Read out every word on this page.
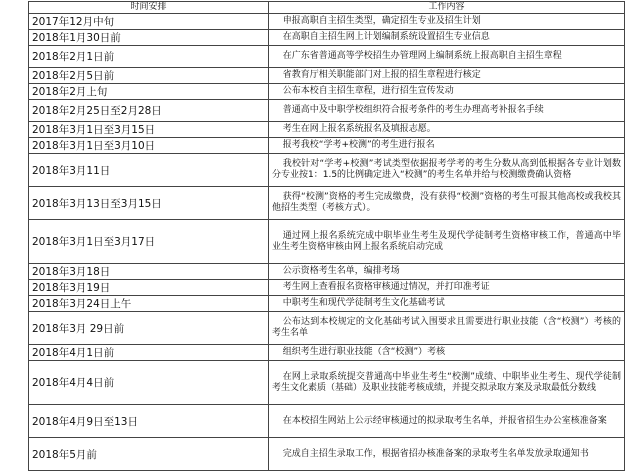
时间安排	工作内容
2017年12月中旬	申报高职自主招生类型，确定招生专业及招生计划
2018年1月30日前	在高职自主招生网上计划编制系统设置招生专业信息
2018年2月1日前	在广东省普通高等学校招生办管理网上编制系统上报高职自主招生章程
2018年2月5日前	省教育厅相关职能部门对上报的招生章程进行核定
2018年2月上旬	公布本校自主招生章程，进行招生宣传发动
2018年2月25日至2月28日	普通高中及中职学校组织符合报考条件的考生办理高考补报名手续
2018年3月1日至3月15日	考生在网上报名系统报名及填报志愿。
2018年3月1日至3月10日	报考我校“学考+校测”的考生进行报名
2018年3月11日	我校针对“学考+校测”考试类型依据报考学考的考生分数从高到低根据各专业计划数分专业按1：1.5的比例确定进入“校测”的考生名单并给与校测缴费确认资格
2018年3月13日至3月15日	获得“校测”资格的考生完成缴费，没有获得“校测”资格的考生可报其他高校或我校其他招生类型（考核方式）。
2018年3月1日至3月17日	通过网上报名系统完成中职毕业生考生及现代学徒制考生资格审核工作，普通高中毕业生考生资格审核由网上报名系统启动完成
2018年3月18日	公示资格考生名单，编排考场
2018年3月19日	考生网上查看报名资格审核通过情况，并打印准考证
2018年3月24日上午	中职考生和现代学徒制考生文化基础考试
2018年3月 29日前	公布达到本校规定的文化基础考试入围要求且需要进行职业技能（含“校测”）考核的考生名单
2018年4月1日前	组织考生进行职业技能（含“校测”）考核
2018年4月4日前	在网上录取系统提交普通高中毕业生考生“校测”成绩、中职毕业生考生、现代学徒制考生文化素质（基础）及职业技能考核成绩，并提交拟录取方案及录取最低分数线
2018年4月9日至13日	在本校招生网站上公示经审核通过的拟录取考生名单，并报省招生办公室核准备案
2018年5月前	完成自主招生录取工作，根据省招办核准备案的录取考生名单发放录取通知书
